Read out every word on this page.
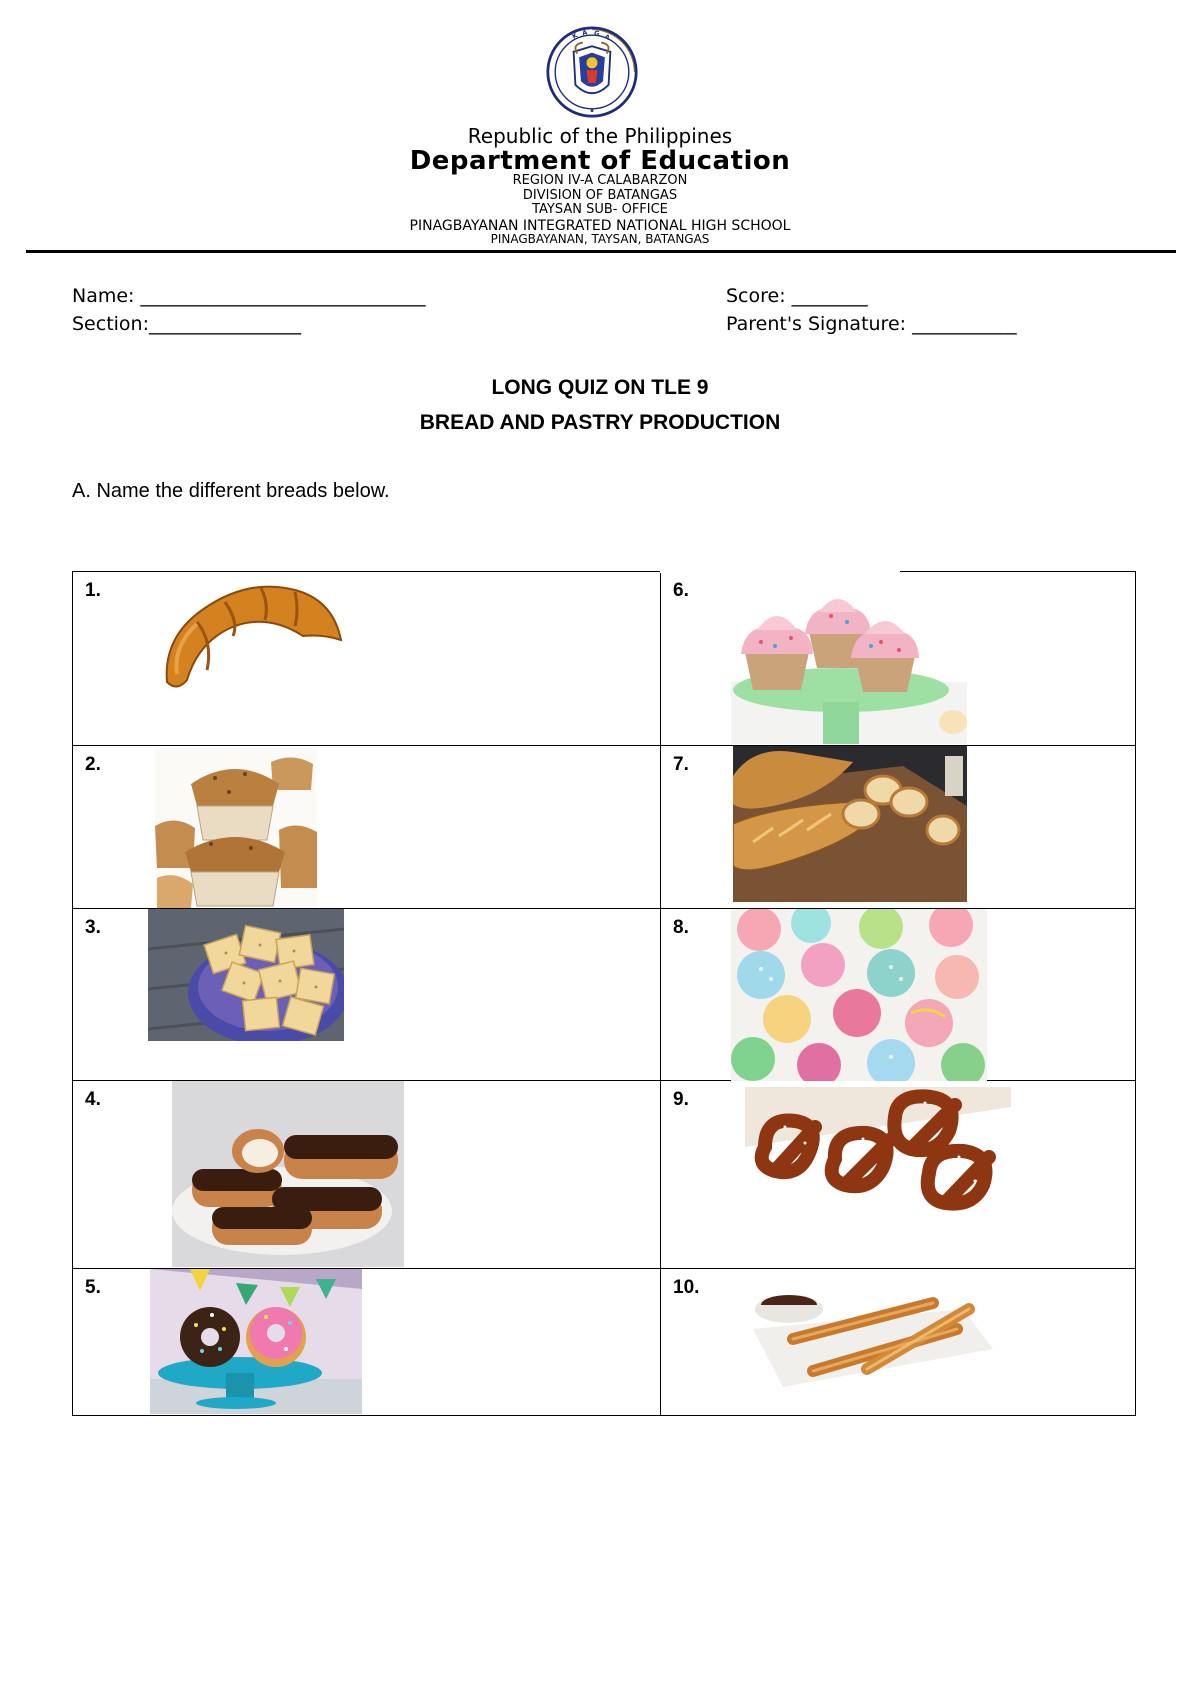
K A G A
Republic of the Philippines
Department of Education
REGION IV-A CALABARZON
DIVISION OF BATANGAS
TAYSAN SUB- OFFICE
PINAGBAYANAN INTEGRATED NATIONAL HIGH SCHOOL
PINAGBAYANAN, TAYSAN, BATANGAS
Name: ______________________________
Section:________________
Score: ________
Parent's Signature: ___________
LONG QUIZ ON TLE 9
BREAD AND PASTRY PRODUCTION
A. Name the different breads below.
1.	6.

2.	7.

3.	8.

4.	9.

5.	10.
